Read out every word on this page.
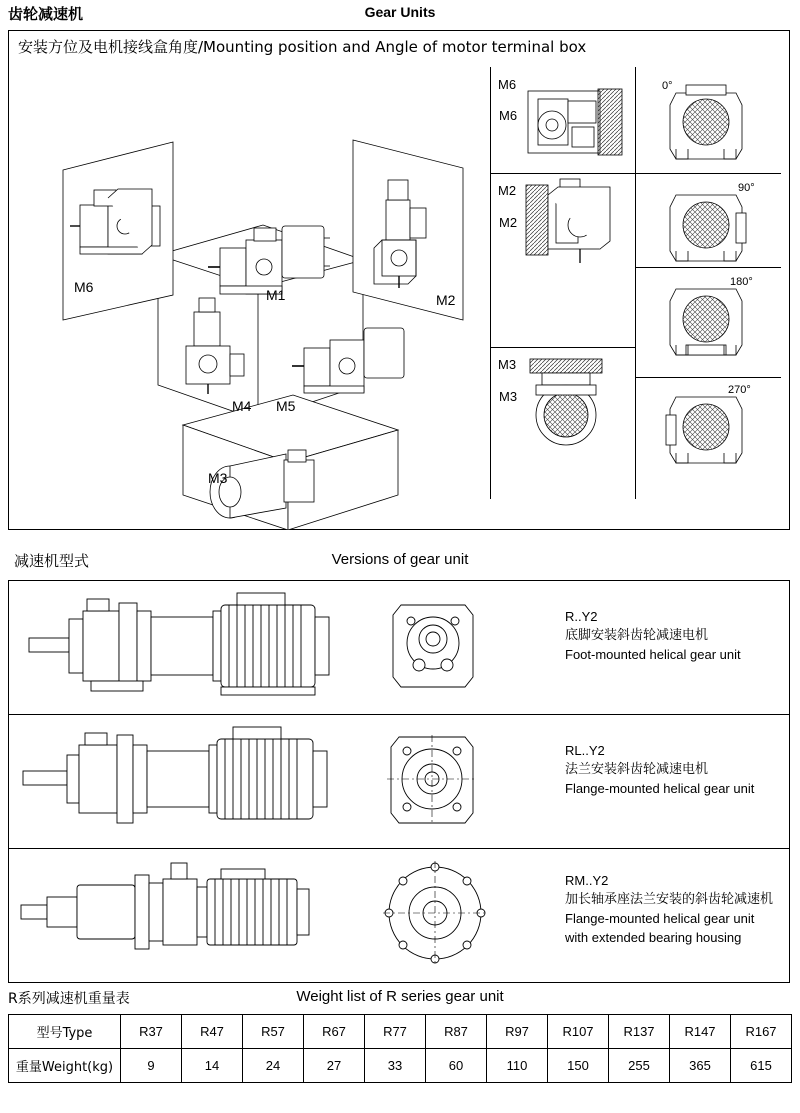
齿轮减速机	Gear Units
安装方位及电机接线盒角度/Mounting position and Angle of motor terminal box
M6	M1	M2
M4 M5
M3
M6
M2
M3
0°
90°
180°
270°
M6
M2
M3
减速机型式	Versions of gear unit
R..Y2
底脚安装斜齿轮减速电机
Foot-mounted helical gear unit
RL..Y2
法兰安装斜齿轮减速电机
Flange-mounted helical gear unit
RM..Y2
加长轴承座法兰安装的斜齿轮减速机
Flange-mounted helical gear unit
with extended bearing housing
R系列减速机重量表	Weight list of R series gear unit
型号Type	R37	R47	R57	R67	R77	R87	R97	R107	R137	R147	R167
重量Weight(kg)	9	14	24	27	33	60	110	150	255	365	615
